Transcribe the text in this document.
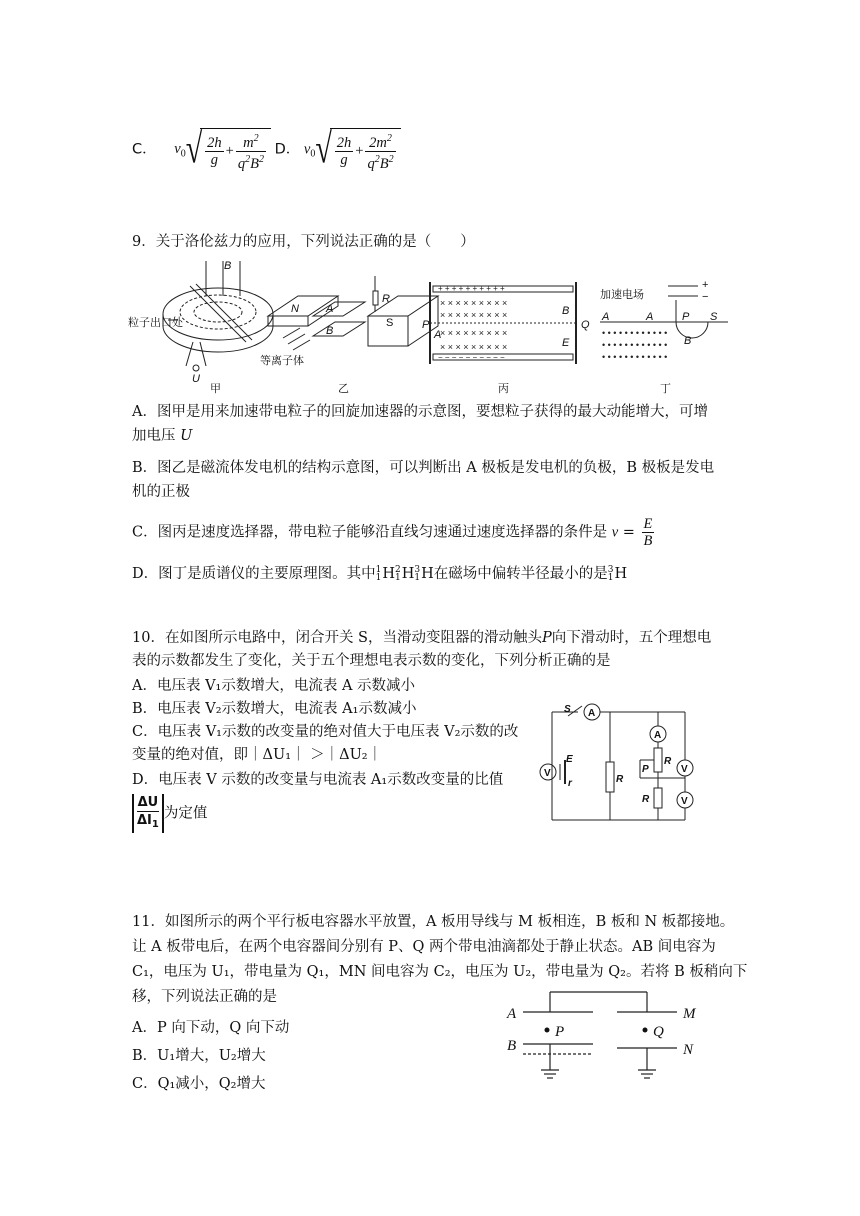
C． $v_0√ \frac{2h}{g} + \frac{m^2}{q^2B^2}$ D． $v_0√ \frac{2h}{g} + \frac{2m^2}{q^2B^2}$
9．关于洛伦兹力的应用，下列说法正确的是（　　）
× × × × × × × × ×
× × × × × × × × ×
× × × × × × × × ×
× × × × × × × × ×
+ + + + + + + + + +
− − − − − − − − − −
• • • • • • • • • • • •
• • • • • • • • • • • •
• • • • • • • • • • • •
B
粒子出口处
U
甲
N A
B
S
R
等离子体
乙
P	Q
B
E
A
丙
加速电场
+
−
A	A	P S
B
丁
A．图甲是用来加速带电粒子的回旋加速器的示意图，要想粒子获得的最大动能增大，可增
加电压 U
B．图乙是磁流体发电机的结构示意图，可以判断出 A 极板是发电机的负极，B 极板是发电
机的正极
C．图丙是速度选择器，带电粒子能够沿直线匀速通过速度选择器的条件是 $v = \frac{E}{B}$
D．图丁是质谱仪的主要原理图。其中1
1H2
1H3
1H在磁场中偏转半径最小的是3
1H
10．在如图所示电路中，闭合开关 S，当滑动变阻器的滑动触头P向下滑动时，五个理想电
表的示数都发生了变化，关于五个理想电表示数的变化，下列分析正确的是
A．电压表 V₁示数增大，电流表 A 示数减小
B．电压表 V₂示数增大，电流表 A₁示数减小
C．电压表 V₁示数的改变量的绝对值大于电压表 V₂示数的改
变量的绝对值，即｜ΔU₁｜ ＞｜ΔU₂｜
D．电压表 V 示数的改变量与电流表 A₁示数改变量的比值
$\frac{\Delta U}{\Delta I_1}$ 为定值
S A
A
R
P	V
V
E
r	R
R	V
11．如图所示的两个平行板电容器水平放置，A 板用导线与 M 板相连，B 板和 N 板都接地。
让 A 板带电后，在两个电容器间分别有 P、Q 两个带电油滴都处于静止状态。AB 间电容为
C₁，电压为 U₁，带电量为 Q₁，MN 间电容为 C₂，电压为 U₂，带电量为 Q₂。若将 B 板稍向下
移，下列说法正确的是
A．P 向下动，Q 向下动
B．U₁增大，U₂增大
C．Q₁减小，Q₂增大
A
B
M
N
P	Q
